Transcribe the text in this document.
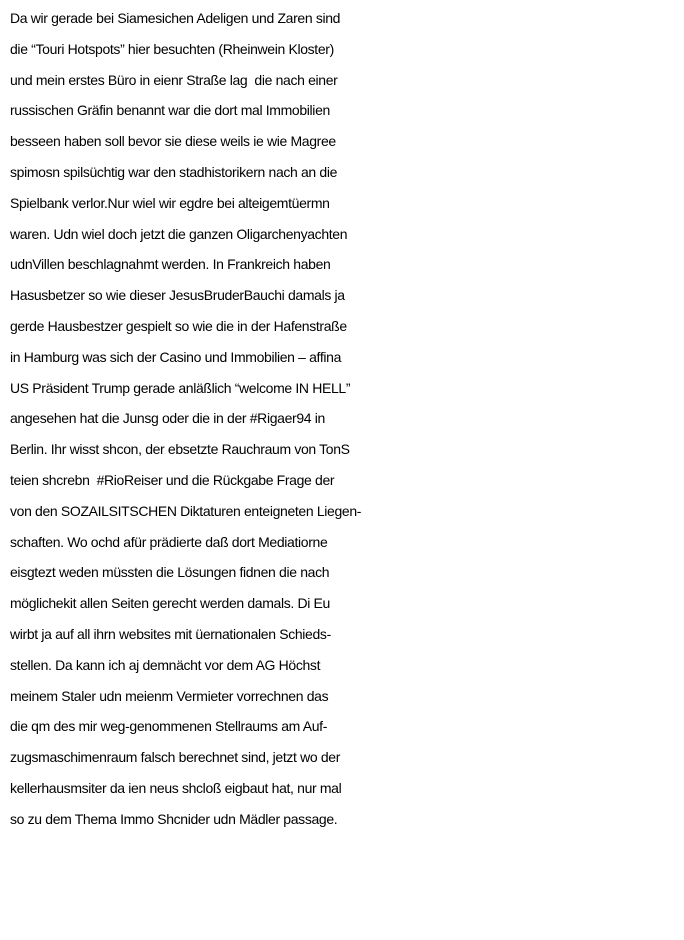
Da wir gerade bei Siamesichen Adeligen und Zaren sind
die “Touri Hotspots” hier besuchten (Rheinwein Kloster)
und mein erstes Büro in eienr Straße lag  die nach einer
russischen Gräfin benannt war die dort mal Immobilien
besseen haben soll bevor sie diese weils ie wie Magree
spimosn spilsüchtig war den stadhistorikern nach an die
Spielbank verlor.Nur wiel wir egdre bei alteigemtüermn
waren. Udn wiel doch jetzt die ganzen Oligarchenyachten
udnVillen beschlagnahmt werden. In Frankreich haben
Hasusbetzer so wie dieser JesusBruderBauchi damals ja
gerde Hausbestzer gespielt so wie die in der Hafenstraße
in Hamburg was sich der Casino und Immobilien – affina
US Präsident Trump gerade anläßlich “welcome IN HELL”
angesehen hat die Junsg oder die in der #Rigaer94 in
Berlin. Ihr wisst shcon, der ebsetzte Rauchraum von TonS
teien shcrebn  #RioReiser und die Rückgabe Frage der
von den SOZAILSITSCHEN Diktaturen enteigneten Liegen-
schaften. Wo ochd afür prädierte daß dort Mediatiorne
eisgtezt weden müssten die Lösungen fidnen die nach
möglichekit allen Seiten gerecht werden damals. Di Eu
wirbt ja auf all ihrn websites mit üernationalen Schieds-
stellen. Da kann ich aj demnächt vor dem AG Höchst
meinem Staler udn meienm Vermieter vorrechnen das
die qm des mir weg-genommenen Stellraums am Auf-
zugsmaschimenraum falsch berechnet sind, jetzt wo der
kellerhausmsiter da ien neus shcloß eigbaut hat, nur mal
so zu dem Thema Immo Shcnider udn Mädler passage.
